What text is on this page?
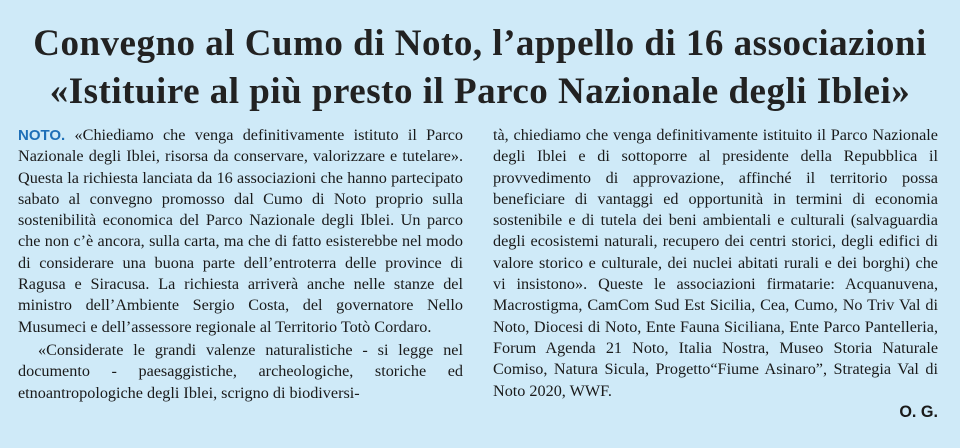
Convegno al Cumo di Noto, l’appello di 16 associazioni
«Istituire al più presto il Parco Nazionale degli Iblei»

NOTO. «Chiediamo che venga definitivamente istituto il Parco Nazionale degli Iblei, risorsa da conservare, valorizzare e tutelare». Questa la richiesta lanciata da 16 associazioni che hanno partecipato sabato al convegno promosso dal Cumo di Noto proprio sulla sostenibilità economica del Parco Nazionale degli Iblei. Un parco che non c’è ancora, sulla carta, ma che di fatto esisterebbe nel modo di considerare una buona parte dell’entroterra delle province di Ragusa e Siracusa. La richiesta arriverà anche nelle stanze del ministro dell’Ambiente Sergio Costa, del governatore Nello Musumeci e dell’assessore regionale al Territorio Totò Cordaro.

«Considerate le grandi valenze naturalistiche - si legge nel documento - paesaggistiche, archeologiche, storiche ed etnoantropologiche degli Iblei, scrigno di biodiversi-

tà, chiediamo che venga definitivamente istituito il Parco Nazionale degli Iblei e di sottoporre al presidente della Repubblica il provvedimento di approvazione, affinché il territorio possa beneficiare di vantaggi ed opportunità in termini di economia sostenibile e di tutela dei beni ambientali e culturali (salvaguardia degli ecosistemi naturali, recupero dei centri storici, degli edifici di valore storico e culturale, dei nuclei abitati rurali e dei borghi) che vi insistono». Queste le associazioni firmatarie: Acquanuvena, Macrostigma, CamCom Sud Est Sicilia, Cea, Cumo, No Triv Val di Noto, Diocesi di Noto, Ente Fauna Siciliana, Ente Parco Pantelleria, Forum Agenda 21 Noto, Italia Nostra, Museo Storia Naturale Comiso, Natura Sicula, Progetto“Fiume Asinaro”, Strategia Val di Noto 2020, WWF.

O. G.
